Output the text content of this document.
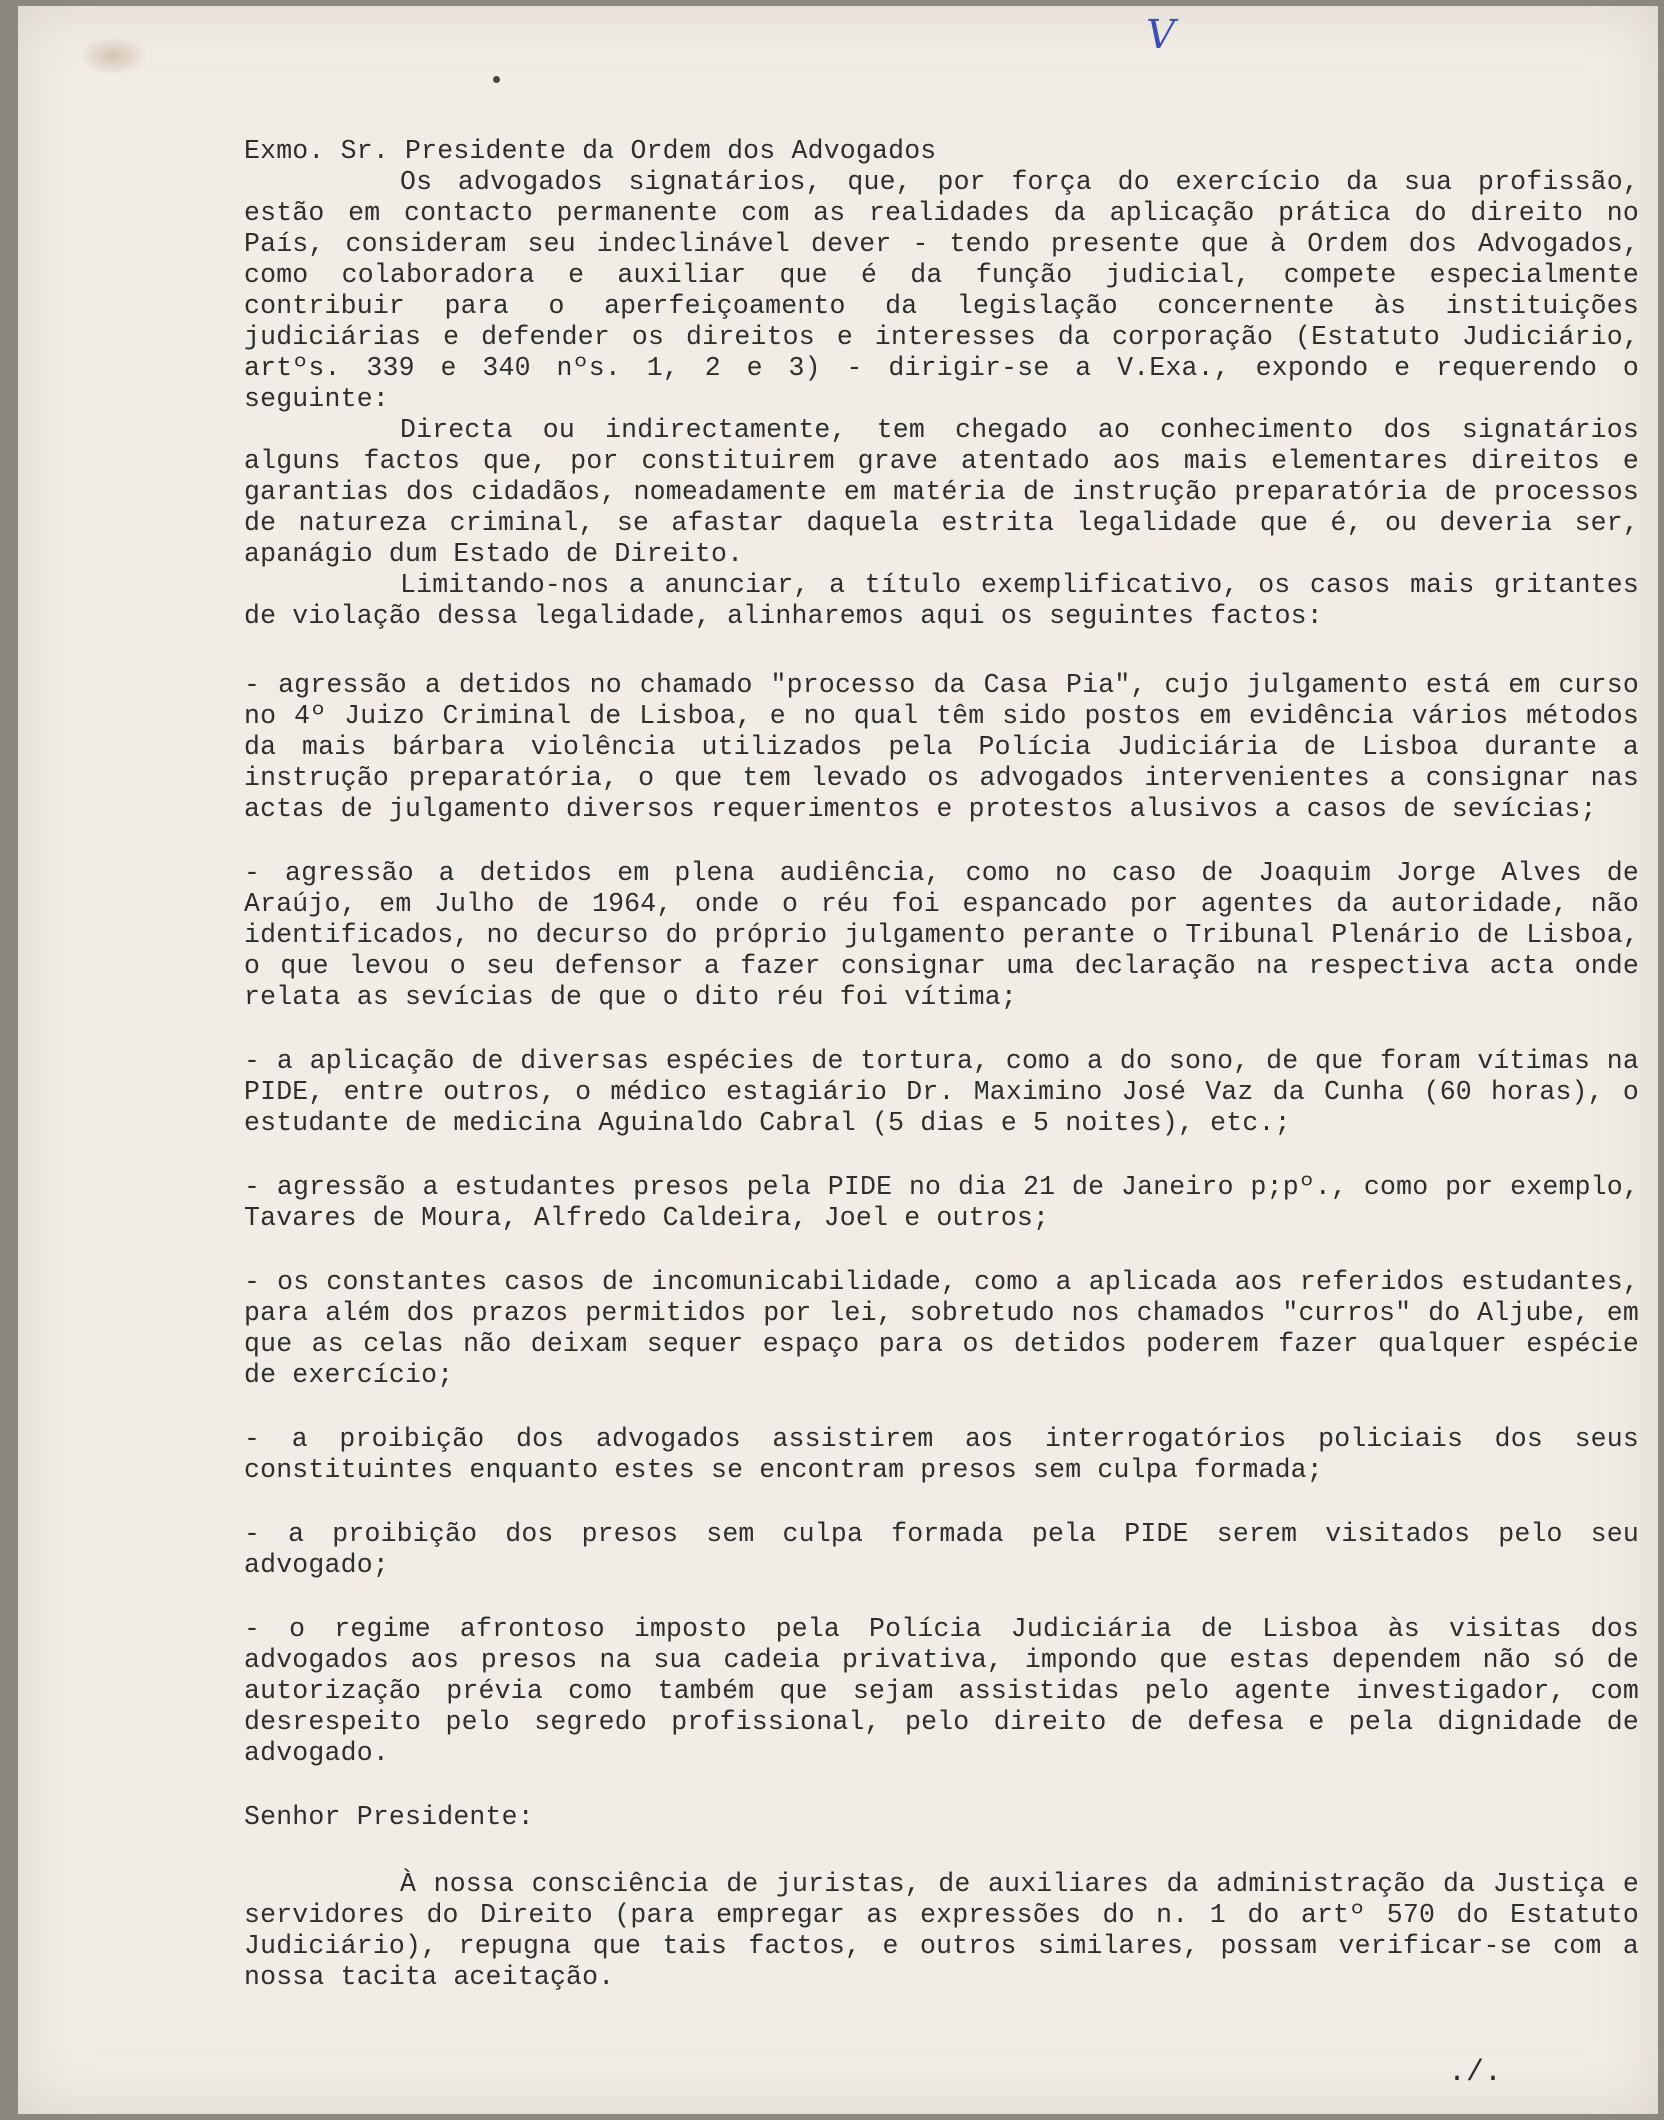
V

Exmo. Sr. Presidente da Ordem dos Advogados

Os advogados signatários, que, por força do exercício da sua profissão, estão em contacto permanente com as realidades da aplicação prática do direito no País, consideram seu indeclinável dever - tendo presente que à Ordem dos Advogados, como colaboradora e auxiliar que é da função judicial, compete especialmente contribuir para o aperfeiçoamento da legislação concernente às instituições judiciárias e defender os direitos e interesses da corporação (Estatuto Judiciário, artºs. 339 e 340 nºs. 1, 2 e 3) - dirigir-se a V.Exa., expondo e requerendo o seguinte:

Directa ou indirectamente, tem chegado ao conhecimento dos signatários alguns factos que, por constituirem grave atentado aos mais elementares direitos e garantias dos cidadãos, nomeadamente em matéria de instrução preparatória de processos de natureza criminal, se afastar daquela estrita legalidade que é, ou deveria ser, apanágio dum Estado de Direito.

Limitando-nos a anunciar, a título exemplificativo, os casos mais gritantes de violação dessa legalidade, alinharemos aqui os seguintes factos:

- agressão a detidos no chamado "processo da Casa Pia", cujo julgamento está em curso no 4º Juizo Criminal de Lisboa, e no qual têm sido postos em evidência vários métodos da mais bárbara violência utilizados pela Polícia Judiciária de Lisboa durante a instrução preparatória, o que tem levado os advogados intervenientes a consignar nas actas de julgamento diversos requerimentos e protestos alusivos a casos de sevícias;

- agressão a detidos em plena audiência, como no caso de Joaquim Jorge Alves de Araújo, em Julho de 1964, onde o réu foi espancado por agentes da autoridade, não identificados, no decurso do próprio julgamento perante o Tribunal Plenário de Lisboa, o que levou o seu defensor a fazer consignar uma declaração na respectiva acta onde relata as sevícias de que o dito réu foi vítima;

- a aplicação de diversas espécies de tortura, como a do sono, de que foram vítimas na PIDE, entre outros, o médico estagiário Dr. Maximino José Vaz da Cunha (60 horas), o estudante de medicina Aguinaldo Cabral (5 dias e 5 noites), etc.;

- agressão a estudantes presos pela PIDE no dia 21 de Janeiro p;pº., como por exemplo, Tavares de Moura, Alfredo Caldeira, Joel e outros;

- os constantes casos de incomunicabilidade, como a aplicada aos referidos estudantes, para além dos prazos permitidos por lei, sobretudo nos chamados "curros" do Aljube, em que as celas não deixam sequer espaço para os detidos poderem fazer qualquer espécie de exercício;

- a proibição dos advogados assistirem aos interrogatórios policiais dos seus constituintes enquanto estes se encontram presos sem culpa formada;

- a proibição dos presos sem culpa formada pela PIDE serem visitados pelo seu advogado;

- o regime afrontoso imposto pela Polícia Judiciária de Lisboa às visitas dos advogados aos presos na sua cadeia privativa, impondo que estas dependem não só de autorização prévia como também que sejam assistidas pelo agente investigador, com desrespeito pelo segredo profissional, pelo direito de defesa e pela dignidade de advogado.

Senhor Presidente:

À nossa consciência de juristas, de auxiliares da administração da Justiça e servidores do Direito (para empregar as expressões do n. 1 do artº 570 do Estatuto Judiciário), repugna que tais factos, e outros similares, possam verificar-se com a nossa tacita aceitação.

./.
